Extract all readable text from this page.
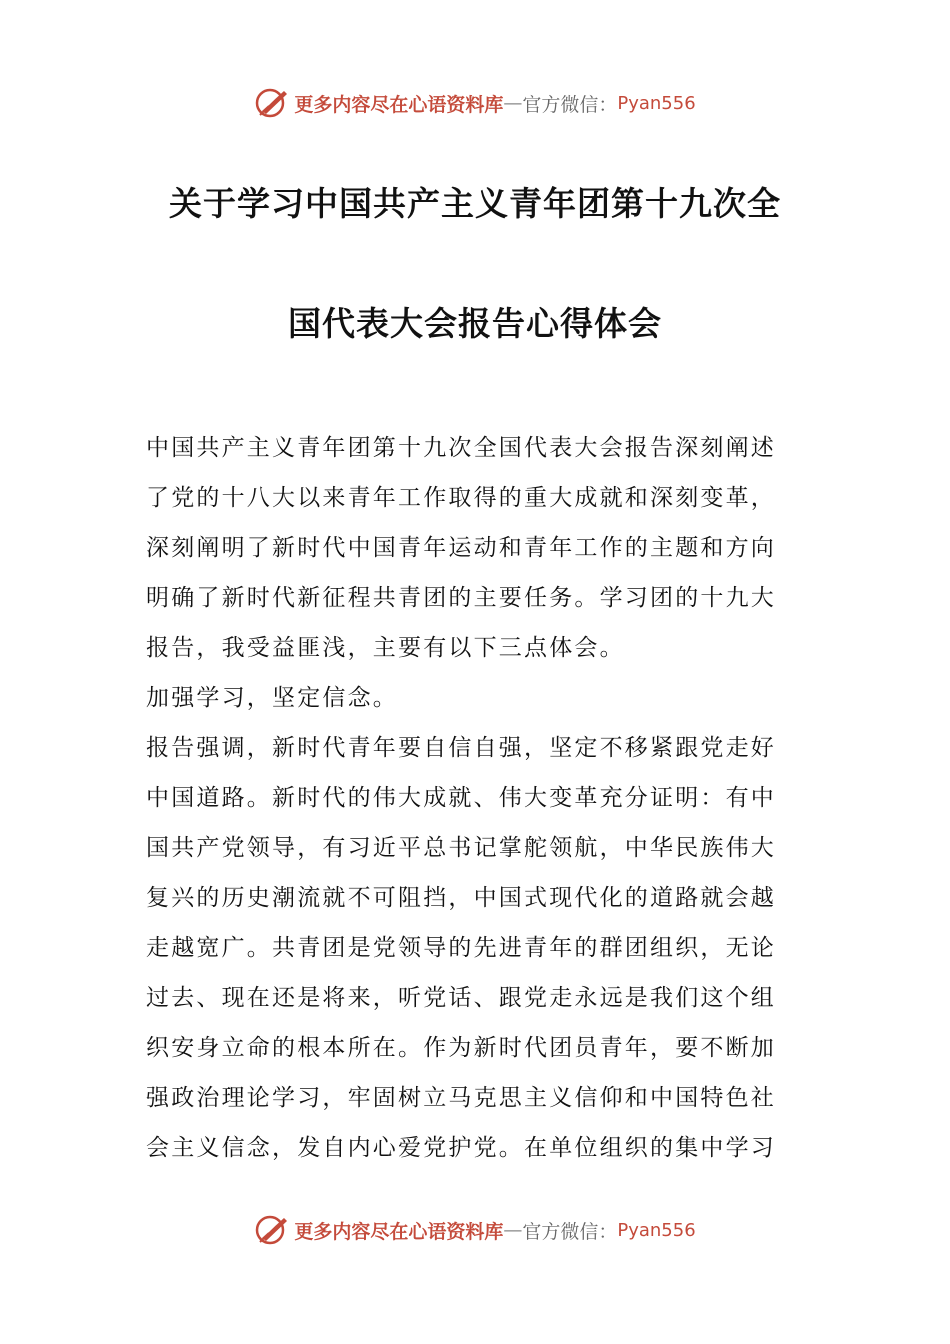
更多内容尽在心语资料库 — 官方微信： Pyan556
关于学习中国共产主义青年团第十九次全
国代表大会报告心得体会

中国共产主义青年团第十九次全国代表大会报告深刻阐述

了党的十八大以来青年工作取得的重大成就和深刻变革，

深刻阐明了新时代中国青年运动和青年工作的主题和方向

明确了新时代新征程共青团的主要任务。学习团的十九大

报告，我受益匪浅，主要有以下三点体会。

加强学习，坚定信念。

报告强调，新时代青年要自信自强，坚定不移紧跟党走好

中国道路。新时代的伟大成就、伟大变革充分证明：有中

国共产党领导，有习近平总书记掌舵领航，中华民族伟大

复兴的历史潮流就不可阻挡，中国式现代化的道路就会越

走越宽广。共青团是党领导的先进青年的群团组织，无论

过去、现在还是将来，听党话、跟党走永远是我们这个组

织安身立命的根本所在。作为新时代团员青年，要不断加

强政治理论学习，牢固树立马克思主义信仰和中国特色社

会主义信念，发自内心爱党护党。在单位组织的集中学习

更多内容尽在心语资料库 — 官方微信： Pyan556
